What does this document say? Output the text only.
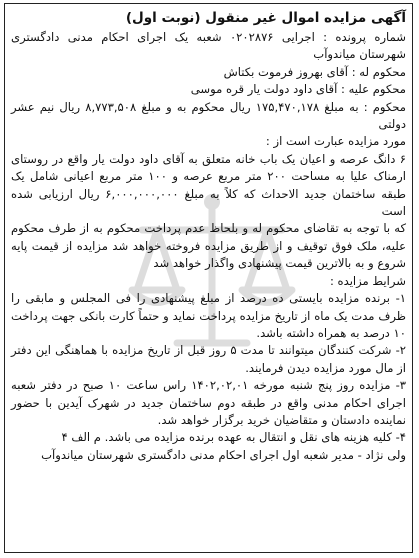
آگهی مزایده اموال غیر منقول (نوبت اول)

شماره پرونده : اجرایی ۰۲۰۲۸۷۶ شعبه یک اجرای احکام مدنی دادگستری شهرستان میاندوآب

محکوم له : آقای بهروز فرموت بکتاش

محکوم علیه : آقای داود دولت یار قره موسی

محکوم : به مبلغ ۱۷۵,۴۷۰,۱۷۸ ریال محکوم به و مبلغ ۸,۷۷۳,۵۰۸ ریال نیم عشر دولتی

مورد مزایده عبارت است از :

۶ دانگ عرصه و اعیان یک باب خانه متعلق به آقای داود دولت یار واقع در روستای ارمناک علیا به مساحت ۲۰۰ متر مربع عرصه و ۱۰۰ متر مربع اعیانی شامل یک طبقه ساختمان جدید الاحداث که کلاً به مبلغ ۶,۰۰۰,۰۰۰,۰۰۰ ریال ارزیابی شده است

که با توجه به تقاضای محکوم له و بلحاظ عدم پرداخت محکوم به از طرف محکوم علیه، ملک فوق توقیف و از طریق مزایده فروخته خواهد شد مزایده از قیمت پایه شروع و به بالاترین قیمت پیشنهادی واگذار خواهد شد

شرایط مزایده :

۱- برنده مزایده بایستی ده درصد از مبلغ پیشنهادی را فی المجلس و مابقی را ظرف مدت یک ماه از تاریخ مزایده پرداخت نماید و حتماً کارت بانکی جهت پرداخت ۱۰ درصد به همراه داشته باشد.

۲- شرکت کنندگان میتوانند تا مدت ۵ روز قبل از تاریخ مزایده با هماهنگی این دفتر از مال مورد مزایده دیدن فرمایند.

۳- مزایده روز پنج شنبه مورخه ۱۴۰۲,۰۲,۰۱ راس ساعت ۱۰ صبح در دفتر شعبه اجرای احکام مدنی واقع در طبقه دوم ساختمان جدید در شهرک آیدین با حضور نماینده دادستان و متقاضیان خرید برگزار خواهد شد.

۴- کلیه هزینه های نقل و انتقال به عهده برنده مزایده می باشد. م الف ۴

ولی نژاد - مدیر شعبه اول اجرای احکام مدنی دادگستری شهرستان میاندوآب
